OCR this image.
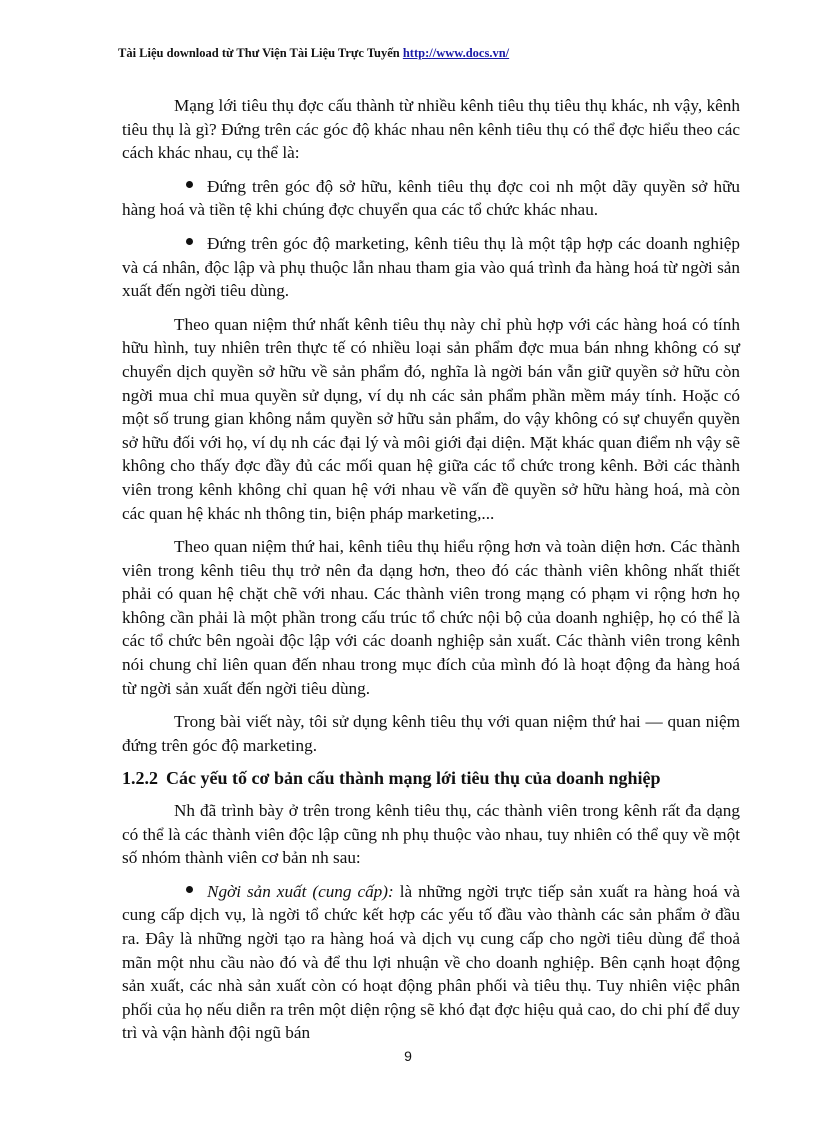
Tài Liệu download từ Thư Viện Tài Liệu Trực Tuyến http://www.docs.vn/

Mạng lới tiêu thụ đợc cấu thành từ nhiều kênh tiêu thụ tiêu thụ khác, nh vậy, kênh tiêu thụ là gì? Đứng trên các góc độ khác nhau nên kênh tiêu thụ có thể đợc hiểu theo các cách khác nhau, cụ thể là:

Đứng trên góc độ sở hữu, kênh tiêu thụ đợc coi nh một dãy quyền sở hữu hàng hoá và tiền tệ khi chúng đợc chuyển qua các tổ chức khác nhau.

Đứng trên góc độ marketing, kênh tiêu thụ là một tập hợp các doanh nghiệp và cá nhân, độc lập và phụ thuộc lẫn nhau tham gia vào quá trình đa hàng hoá từ ngời sản xuất đến ngời tiêu dùng.

Theo quan niệm thứ nhất kênh tiêu thụ này chỉ phù hợp với các hàng hoá có tính hữu hình, tuy nhiên trên thực tế có nhiều loại sản phẩm đợc mua bán nhng không có sự chuyển dịch quyền sở hữu về sản phẩm đó, nghĩa là ngời bán vẫn giữ quyền sở hữu còn ngời mua chỉ mua quyền sử dụng, ví dụ nh các sản phẩm phần mềm máy tính. Hoặc có một số trung gian không nắm quyền sở hữu sản phẩm, do vậy không có sự chuyển quyền sở hữu đối với họ, ví dụ nh các đại lý và môi giới đại diện. Mặt khác quan điểm nh vậy sẽ không cho thấy đợc đầy đủ các mối quan hệ giữa các tổ chức trong kênh. Bởi các thành viên trong kênh không chỉ quan hệ với nhau về vấn đề quyền sở hữu hàng hoá, mà còn các quan hệ khác nh thông tin, biện pháp marketing,...

Theo quan niệm thứ hai, kênh tiêu thụ hiểu rộng hơn và toàn diện hơn. Các thành viên trong kênh tiêu thụ trở nên đa dạng hơn, theo đó các thành viên không nhất thiết phải có quan hệ chặt chẽ với nhau. Các thành viên trong mạng có phạm vi rộng hơn họ không cần phải là một phần trong cấu trúc tổ chức nội bộ của doanh nghiệp, họ có thể là các tổ chức bên ngoài độc lập với các doanh nghiệp sản xuất. Các thành viên trong kênh nói chung chỉ liên quan đến nhau trong mục đích của mình đó là hoạt động đa hàng hoá từ ngời sản xuất đến ngời tiêu dùng.

Trong bài viết này, tôi sử dụng kênh tiêu thụ với quan niệm thứ hai — quan niệm đứng trên góc độ marketing.

1.2.2 Các yếu tố cơ bản cấu thành mạng lới tiêu thụ của doanh nghiệp

Nh đã trình bày ở trên trong kênh tiêu thụ, các thành viên trong kênh rất đa dạng có thể là các thành viên độc lập cũng nh phụ thuộc vào nhau, tuy nhiên có thể quy về một số nhóm thành viên cơ bản nh sau:

Ngời sản xuất (cung cấp): là những ngời trực tiếp sản xuất ra hàng hoá và cung cấp dịch vụ, là ngời tổ chức kết hợp các yếu tố đầu vào thành các sản phẩm ở đầu ra. Đây là những ngời tạo ra hàng hoá và dịch vụ cung cấp cho ngời tiêu dùng để thoả mãn một nhu cầu nào đó và để thu lợi nhuận về cho doanh nghiệp. Bên cạnh hoạt động sản xuất, các nhà sản xuất còn có hoạt động phân phối và tiêu thụ. Tuy nhiên việc phân phối của họ nếu diễn ra trên một diện rộng sẽ khó đạt đợc hiệu quả cao, do chi phí để duy trì và vận hành đội ngũ bán

9
